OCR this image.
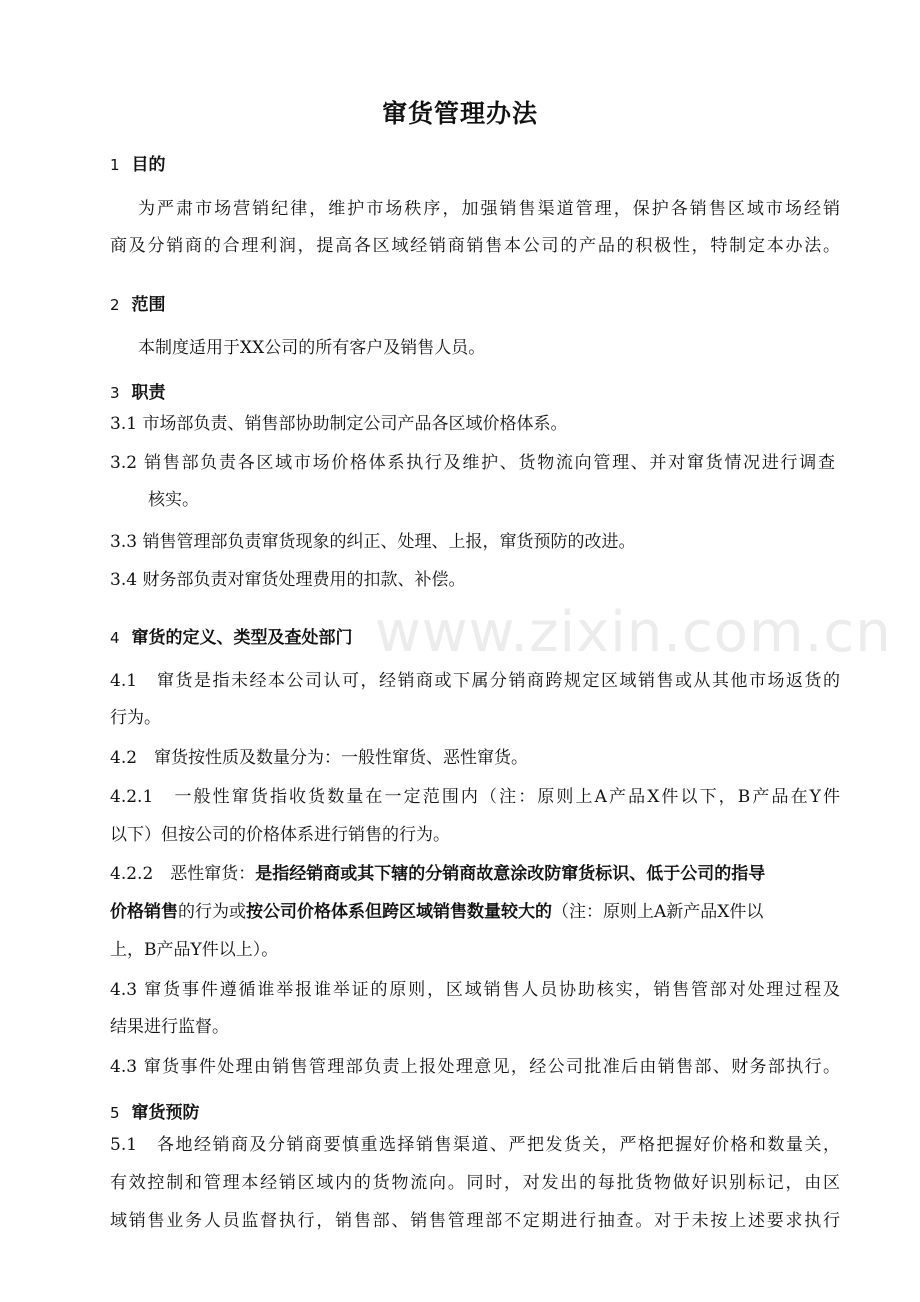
www.zixin.com.cn
窜货管理办法
1 目的
为严肃市场营销纪律，维护市场秩序，加强销售渠道管理，保护各销售区域市场经销
商及分销商的合理利润，提高各区域经销商销售本公司的产品的积极性，特制定本办法。
2 范围
本制度适用于XX公司的所有客户及销售人员。
3 职责
3.1 市场部负责、销售部协助制定公司产品各区域价格体系。
3.2 销售部负责各区域市场价格体系执行及维护、货物流向管理、并对窜货情况进行调查
核实。
3.3 销售管理部负责窜货现象的纠正、处理、上报，窜货预防的改进。
3.4 财务部负责对窜货处理费用的扣款、补偿。
4 窜货的定义、类型及查处部门
4.1　窜货是指未经本公司认可，经销商或下属分销商跨规定区域销售或从其他市场返货的
行为。
4.2　窜货按性质及数量分为：一般性窜货、恶性窜货。
4.2.1　一般性窜货指收货数量在一定范围内（注：原则上A产品X件以下，B产品在Y件
以下）但按公司的价格体系进行销售的行为。
4.2.2　恶性窜货：是指经销商或其下辖的分销商故意涂改防窜货标识、低于公司的指导
价格销售的行为或按公司价格体系但跨区域销售数量较大的（注：原则上A新产品X件以
上，B产品Y件以上）。
4.3 窜货事件遵循谁举报谁举证的原则，区域销售人员协助核实，销售管部对处理过程及
结果进行监督。
4.3 窜货事件处理由销售管理部负责上报处理意见，经公司批准后由销售部、财务部执行。
5 窜货预防
5.1　各地经销商及分销商要慎重选择销售渠道、严把发货关，严格把握好价格和数量关，
有效控制和管理本经销区域内的货物流向。同时，对发出的每批货物做好识别标记，由区
域销售业务人员监督执行，销售部、销售管理部不定期进行抽查。对于未按上述要求执行
